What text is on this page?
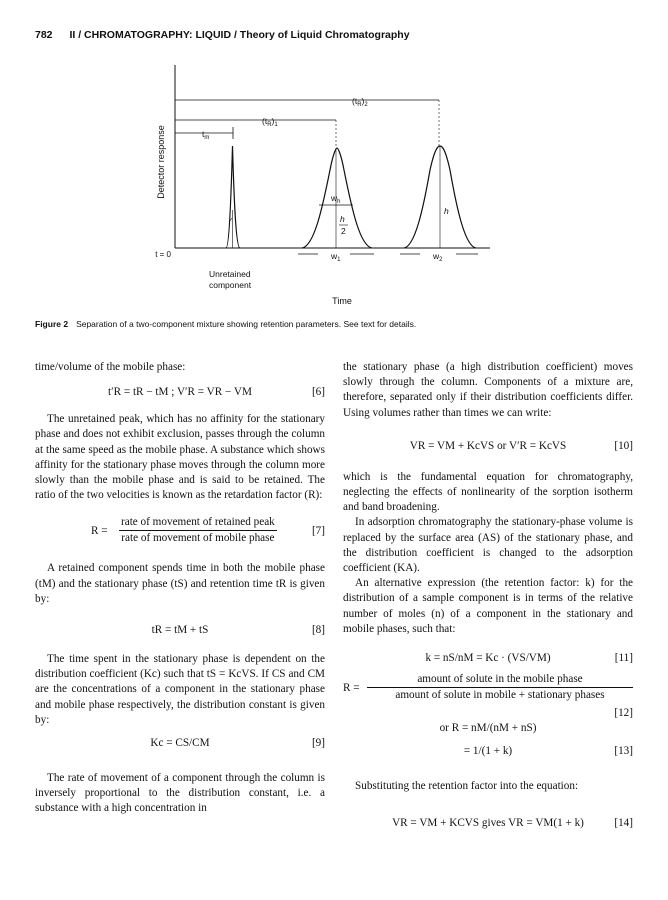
782 II / CHROMATOGRAPHY: LIQUID / Theory of Liquid Chromatography
Detector response
Time
t = 0
$(t_R)_2$
$(t_R)_1$
$t_m$
Unretained
component
$w_h$
h
2
$w_1$
h
$w_2$
Figure 2 Separation of a two-component mixture showing retention parameters. See text for details.

time/volume of the mobile phase:

t′R = tR − tM ; V′R = VR − VM	[6]

The unretained peak, which has no affinity for the stationary phase and does not exhibit exclusion, passes through the column at the same speed as the mobile phase. A substance which shows affinity for the stationary phase moves through the column more slowly than the mobile phase and is said to be retained. The ratio of the two velocities is known as the retardation factor (R):

R =
rate of movement of retained peak
rate of movement of mobile phase
[7]

A retained component spends time in both the mobile phase (tM) and the stationary phase (tS) and retention time tR is given by:

tR = tM + tS	[8]

The time spent in the stationary phase is dependent on the distribution coefficient (Kc) such that tS = KcVS. If CS and CM are the concentrations of a component in the stationary phase and mobile phase respectively, the distribution constant is given by:

Kc = CS/CM	[9]

The rate of movement of a component through the column is inversely proportional to the distribution constant, i.e. a substance with a high concentration in

the stationary phase (a high distribution coefficient) moves slowly through the column. Components of a mixture are, therefore, separated only if their distribution coefficients differ. Using volumes rather than times we can write:

VR = VM + KcVS or V′R = KcVS	[10]

which is the fundamental equation for chromatography, neglecting the effects of nonlinearity of the sorption isotherm and band broadening.

In adsorption chromatography the stationary-phase volume is replaced by the surface area (AS) of the stationary phase, and the distribution coefficient is changed to the adsorption coefficient (KA).

An alternative expression (the retention factor: k) for the distribution of a sample component is in terms of the relative number of moles (n) of a component in the stationary and mobile phases, such that:

k = nS/nM = Kc · (VS/VM)	[11]
R =
amount of solute in the mobile phase
amount of solute in mobile + stationary phases
[12]
or R = nM/(nM + nS)
= 1/(1 + k)	[13]

Substituting the retention factor into the equation:

VR = VM + KCVS gives VR = VM(1 + k)	[14]
